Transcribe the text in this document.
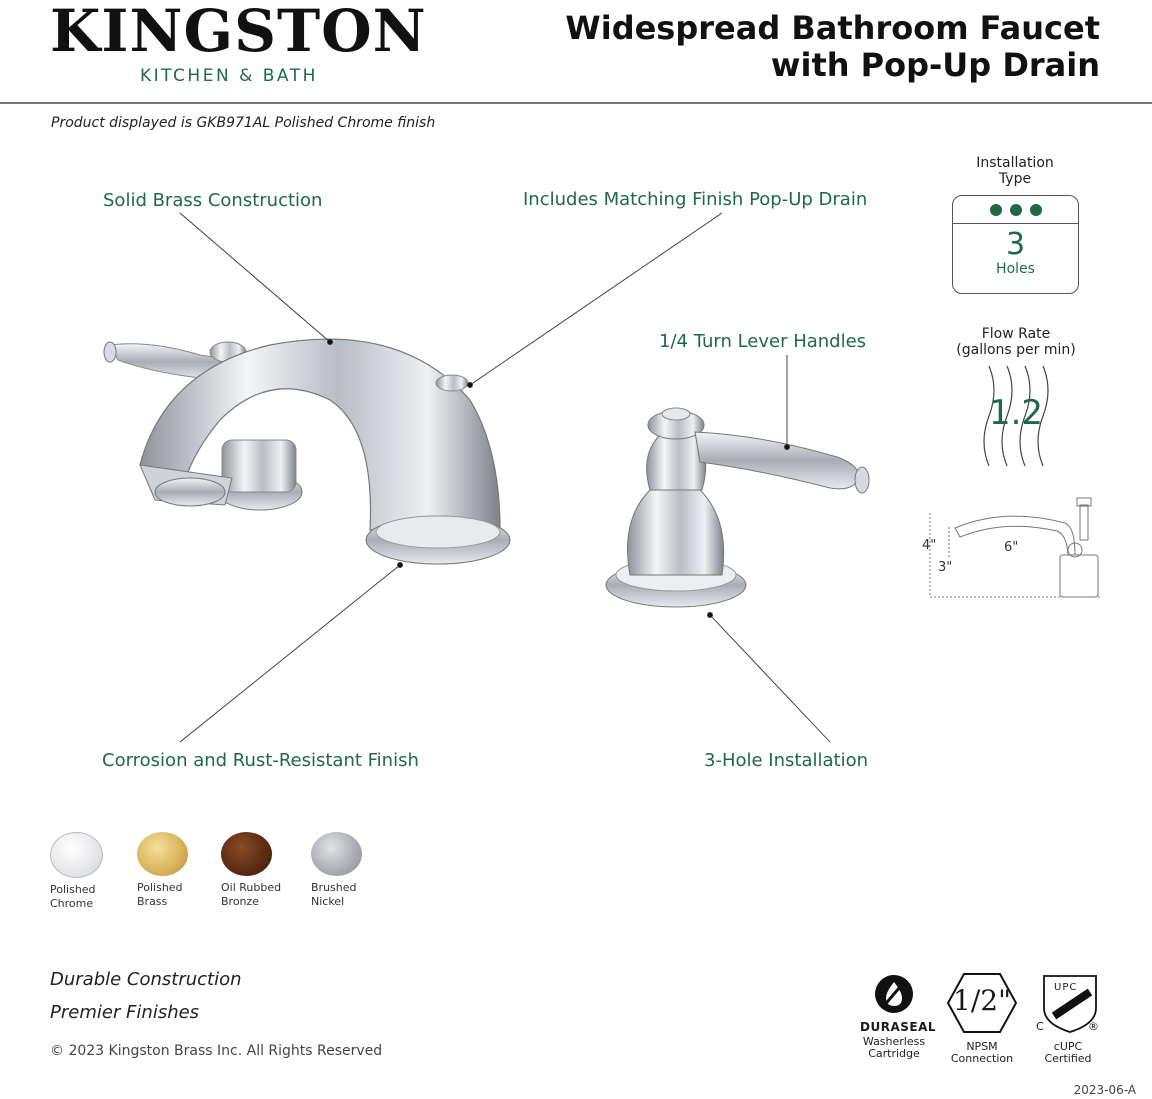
KINGSTON
KITCHEN & BATH
Widespread Bathroom Faucet
with Pop-Up Drain
Product displayed is GKB971AL Polished Chrome finish
Solid Brass Construction	Includes Matching Finish Pop-Up Drain
1/4 Turn Lever Handles
Corrosion and Rust-Resistant Finish	3-Hole Installation
Installation
Type
3
Holes
Flow Rate
(gallons per min)
1.2
4"	6"
3"
Polished
Chrome
Polished
Brass
Oil Rubbed
Bronze
Brushed
Nickel
Durable Construction
Premier Finishes
© 2023 Kingston Brass Inc. All Rights Reserved
DURASEAL
Washerless
Cartridge
1/2"
NPSM
Connection
UPC
C	®
cUPC
Certified
2023-06-A
